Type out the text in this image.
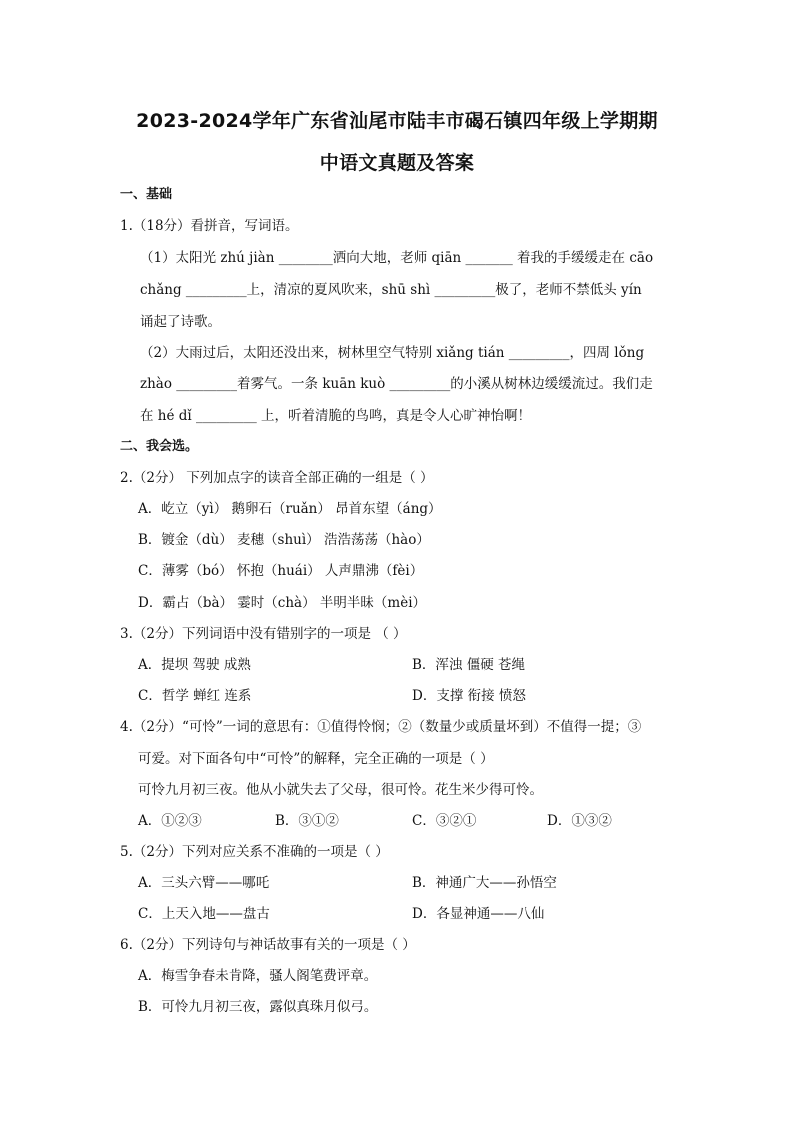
2023-2024学年广东省汕尾市陆丰市碣石镇四年级上学期期
中语文真题及答案
一、基础
1.（18分）看拼音，写词语。
（1）太阳光 zhú jiàn ________洒向大地，老师 qiān _______ 着我的手缓缓走在 cāo
chǎng _________上，清凉的夏风吹来，shū shì _________极了，老师不禁低头 yín
诵起了诗歌。
（2）大雨过后，太阳还没出来，树林里空气特别 xiǎng tián _________，四周 lǒng
zhào _________着雾气。一条 kuān kuò _________的小溪从树林边缓缓流过。我们走
在 hé dǐ _________ 上，听着清脆的鸟鸣，真是令人心旷神怡啊！
二、我会选。
2.（2分） 下列加点字的读音全部正确的一组是（ ）
A．屹立（yì） 鹅卵石（ruǎn） 昂首东望（áng）
B．镀金（dù） 麦穗（shuì） 浩浩荡荡（hào）
C．薄雾（bó） 怀抱（huái） 人声鼎沸（fèi）
D．霸占（bà） 霎时（chà） 半明半昧（mèi）
3.（2分）下列词语中没有错别字的一项是 （ ）
A．提坝 驾驶 成熟	B．浑浊 僵硬 苍绳
C．哲学 蝉红 连系	D．支撑 衔接 愤怒
4.（2分）“可怜”一词的意思有：①值得怜悯；②（数量少或质量坏到）不值得一提；③
可爱。对下面各句中“可怜”的解释，完全正确的一项是（ ）
可怜九月初三夜。他从小就失去了父母，很可怜。花生米少得可怜。
A．①②③	B．③①②	C．③②①	D．①③②
5.（2分）下列对应关系不准确的一项是（ ）
A．三头六臂——哪吒	B．神通广大——孙悟空
C．上天入地——盘古	D．各显神通——八仙
6.（2分）下列诗句与神话故事有关的一项是（ ）
A．梅雪争春未肯降，骚人阁笔费评章。
B．可怜九月初三夜，露似真珠月似弓。
